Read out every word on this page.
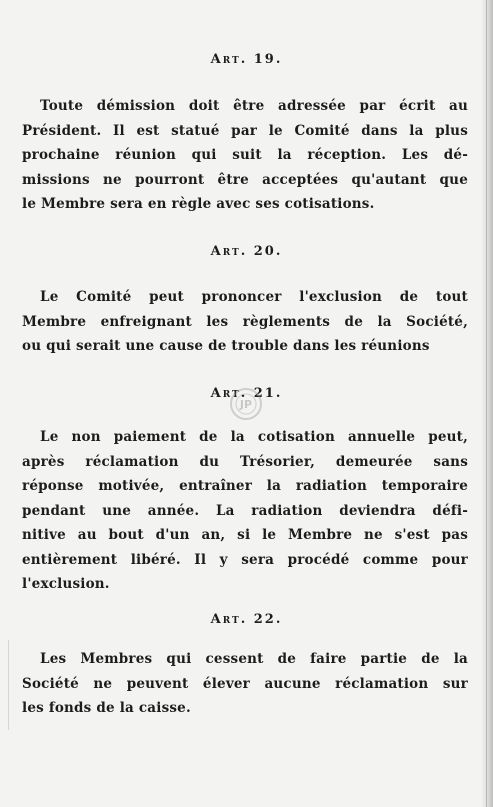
Art. 19.
Toute démission doit être adressée par écrit au
Président. Il est statué par le Comité dans la plus
prochaine réunion qui suit la réception. Les dé-
missions ne pourront être acceptées qu'autant que
le Membre sera en règle avec ses cotisations.
Art. 20.
Le Comité peut prononcer l'exclusion de tout
Membre enfreignant les règlements de la Société,
ou qui serait une cause de trouble dans les réunions
Art. 21.
Le non paiement de la cotisation annuelle peut,
après réclamation du Trésorier, demeurée sans
réponse motivée, entraîner la radiation temporaire
pendant une année. La radiation deviendra défi-
nitive au bout d'un an, si le Membre ne s'est pas
entièrement libéré. Il y sera procédé comme pour
l'exclusion.
Art. 22.
Les Membres qui cessent de faire partie de la
Société ne peuvent élever aucune réclamation sur
les fonds de la caisse.
JP
